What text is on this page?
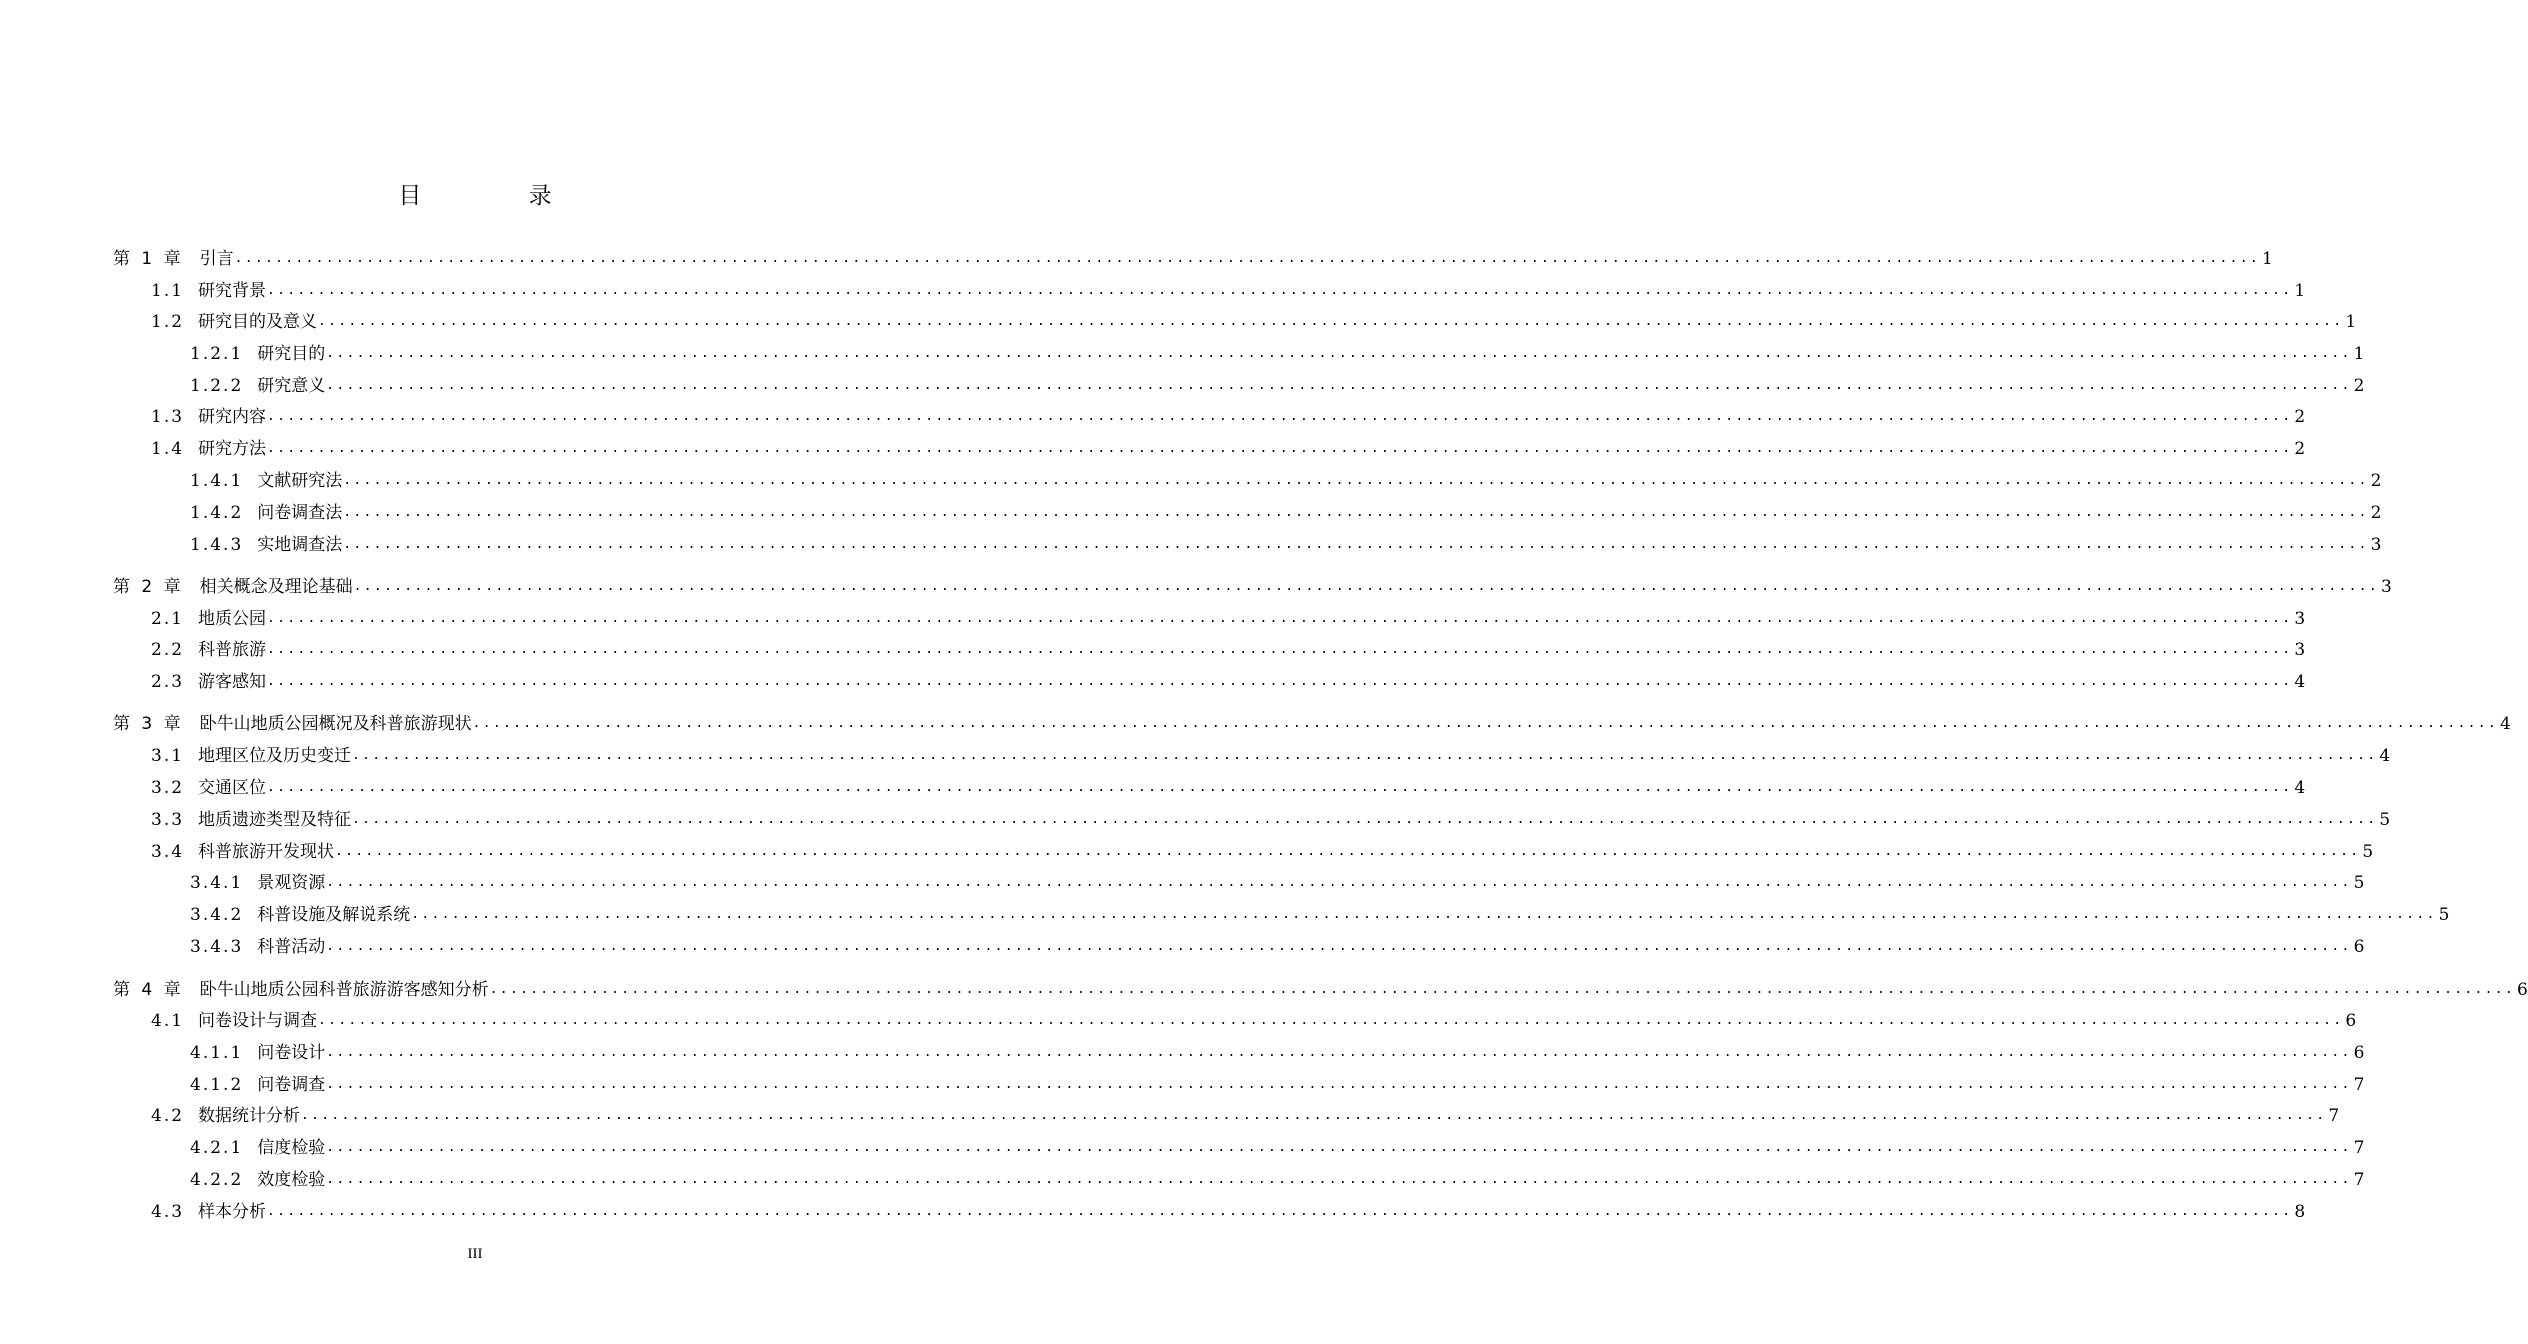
目 录
第 1 章 引言 ........................................................................................................................................................................................................ 1
1.1 研究背景 ........................................................................................................................................................................................................ 1
1.2 研究目的及意义 ........................................................................................................................................................................................................ 1
1.2.1 研究目的 ........................................................................................................................................................................................................ 1
1.2.2 研究意义 ........................................................................................................................................................................................................ 2
1.3 研究内容 ........................................................................................................................................................................................................ 2
1.4 研究方法 ........................................................................................................................................................................................................ 2
1.4.1 文献研究法 ........................................................................................................................................................................................................ 2
1.4.2 问卷调查法 ........................................................................................................................................................................................................ 2
1.4.3 实地调查法 ........................................................................................................................................................................................................ 3
第 2 章 相关概念及理论基础 ........................................................................................................................................................................................................ 3
2.1 地质公园 ........................................................................................................................................................................................................ 3
2.2 科普旅游 ........................................................................................................................................................................................................ 3
2.3 游客感知 ........................................................................................................................................................................................................ 4
第 3 章 卧牛山地质公园概况及科普旅游现状 ........................................................................................................................................................................................................ 4
3.1 地理区位及历史变迁 ........................................................................................................................................................................................................ 4
3.2 交通区位 ........................................................................................................................................................................................................ 4
3.3 地质遗迹类型及特征 ........................................................................................................................................................................................................ 5
3.4 科普旅游开发现状 ........................................................................................................................................................................................................ 5
3.4.1 景观资源 ........................................................................................................................................................................................................ 5
3.4.2 科普设施及解说系统 ........................................................................................................................................................................................................ 5
3.4.3 科普活动 ........................................................................................................................................................................................................ 6
第 4 章 卧牛山地质公园科普旅游游客感知分析 ........................................................................................................................................................................................................ 6
4.1 问卷设计与调查 ........................................................................................................................................................................................................ 6
4.1.1 问卷设计 ........................................................................................................................................................................................................ 6
4.1.2 问卷调查 ........................................................................................................................................................................................................ 7
4.2 数据统计分析 ........................................................................................................................................................................................................ 7
4.2.1 信度检验 ........................................................................................................................................................................................................ 7
4.2.2 效度检验 ........................................................................................................................................................................................................ 7
4.3 样本分析 ........................................................................................................................................................................................................ 8
III
